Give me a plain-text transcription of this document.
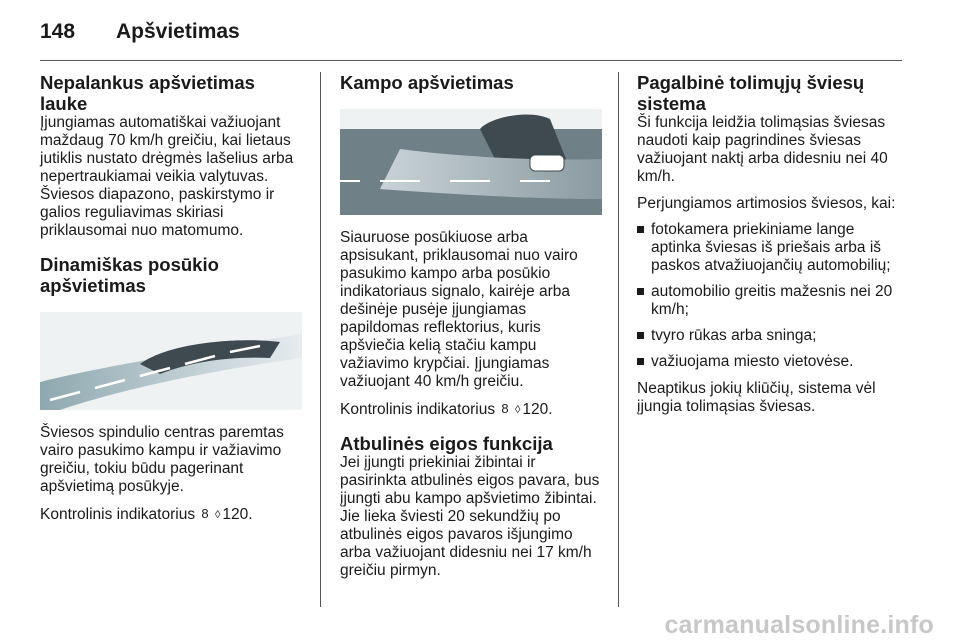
148 Apšvietimas
Nepalankus apšvietimas lauke

Įjungiamas automatiškai važiuojant maždaug 70 km/h greičiu, kai lietaus jutiklis nustato drėgmės lašelius arba nepertraukiamai veikia valytuvas. Šviesos diapazono, paskirstymo ir galios reguliavimas skiriasi priklausomai nuo matomumo.

Dinamiškas posūkio apšvietimas

Šviesos spindulio centras paremtas vairo pasukimo kampu ir važiavimo greičiu, tokiu būdu pagerinant apšvietimą posūkyje.

Kontrolinis indikatorius 8 ◊ 120.

Kampo apšvietimas

Siauruose posūkiuose arba apsisukant, priklausomai nuo vairo pasukimo kampo arba posūkio indikatoriaus signalo, kairėje arba dešinėje pusėje įjungiamas papildomas reflektorius, kuris apšviečia kelią stačiu kampu važiavimo krypčiai. Įjungiamas važiuojant 40 km/h greičiu.

Kontrolinis indikatorius 8 ◊ 120.

Atbulinės eigos funkcija

Jei įjungti priekiniai žibintai ir pasirinkta atbulinės eigos pavara, bus įjungti abu kampo apšvietimo žibintai. Jie lieka šviesti 20 sekundžių po atbulinės eigos pavaros išjungimo arba važiuojant didesniu nei 17 km/h greičiu pirmyn.

Pagalbinė tolimųjų šviesų sistema

Ši funkcija leidžia tolimąsias šviesas naudoti kaip pagrindines šviesas važiuojant naktį arba didesniu nei 40 km/h.

Perjungiamos artimosios šviesos, kai:

fotokamera priekiniame lange aptinka šviesas iš priešais arba iš paskos atvažiuojančių automobilių;
automobilio greitis mažesnis nei 20 km/h;
tvyro rūkas arba sninga;
važiuojama miesto vietovėse.

Neaptikus jokių kliūčių, sistema vėl įjungia tolimąsias šviesas.

carmanualsonline.info
